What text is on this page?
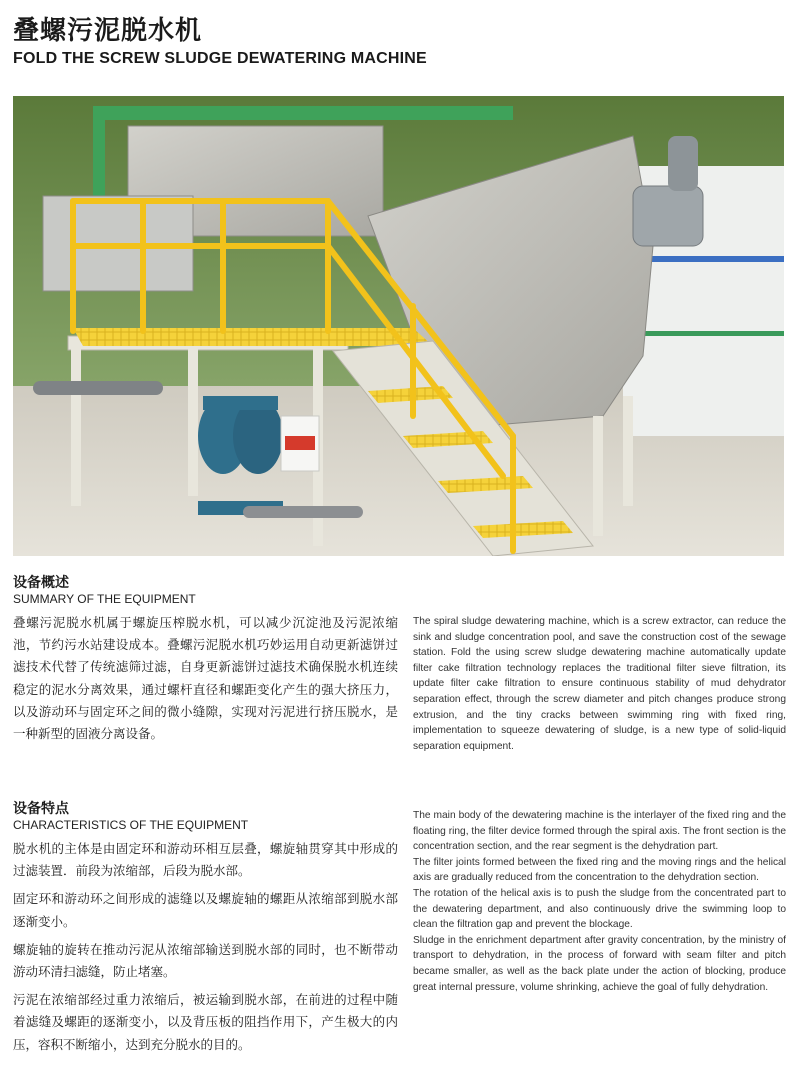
叠螺污泥脱水机
FOLD THE SCREW SLUDGE DEWATERING MACHINE
设备概述
SUMMARY OF THE EQUIPMENT

叠螺污泥脱水机属于螺旋压榨脱水机，可以减少沉淀池及污泥浓缩池，节约污水站建设成本。叠螺污泥脱水机巧妙运用自动更新滤饼过滤技术代替了传统滤筛过滤，自身更新滤饼过滤技术确保脱水机连续稳定的泥水分离效果，通过螺杆直径和螺距变化产生的强大挤压力，以及游动环与固定环之间的微小缝隙，实现对污泥进行挤压脱水，是一种新型的固液分离设备。

The spiral sludge dewatering machine, which is a screw extractor, can reduce the sink and sludge concentration pool, and save the construction cost of the sewage station. Fold the using screw sludge dewatering machine automatically update filter cake filtration technology replaces the traditional filter sieve filtration, its update filter cake filtration to ensure continuous stability of mud dehydrator separation effect, through the screw diameter and pitch changes produce strong extrusion, and the tiny cracks between swimming ring with fixed ring, implementation to squeeze dewatering of sludge, is a new type of solid-liquid separation equipment.

设备特点
CHARACTERISTICS OF THE EQUIPMENT

脱水机的主体是由固定环和游动环相互层叠，螺旋轴贯穿其中形成的过滤装置．前段为浓缩部，后段为脱水部。

固定环和游动环之间形成的滤缝以及螺旋轴的螺距从浓缩部到脱水部逐渐变小。

螺旋轴的旋转在推动污泥从浓缩部输送到脱水部的同时，也不断带动游动环清扫滤缝，防止堵塞。

污泥在浓缩部经过重力浓缩后，被运输到脱水部，在前进的过程中随着滤缝及螺距的逐渐变小，以及背压板的阻挡作用下，产生极大的内压，容积不断缩小，达到充分脱水的目的。

The main body of the dewatering machine is the interlayer of the fixed ring and the floating ring, the filter device formed through the spiral axis. The front section is the concentration section, and the rear segment is the dehydration part.

The filter joints formed between the fixed ring and the moving rings and the helical axis are gradually reduced from the concentration to the dehydration section.

The rotation of the helical axis is to push the sludge from the concentrated part to the dewatering department, and also continuously drive the swimming loop to clean the filtration gap and prevent the blockage.

Sludge in the enrichment department after gravity concentration, by the ministry of transport to dehydration, in the process of forward with seam filter and pitch became smaller, as well as the back plate under the action of blocking, produce great internal pressure, volume shrinking, achieve the goal of fully dehydration.
